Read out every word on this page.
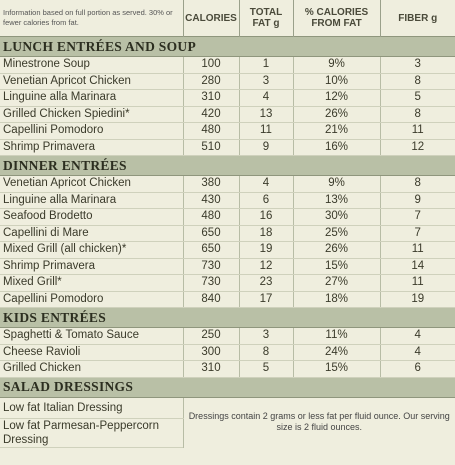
Information based on full portion as served. 30% or fewer calories from fat.	CALORIES	TOTAL FAT g	% CALORIES FROM FAT	FIBER g
LUNCH ENTRÉES AND SOUP				
Minestrone Soup	100	1	9%	3
Venetian Apricot Chicken	280	3	10%	8
Linguine alla Marinara	310	4	12%	5
Grilled Chicken Spiedini*	420	13	26%	8
Capellini Pomodoro	480	11	21%	11
Shrimp Primavera	510	9	16%	12
DINNER ENTRÉES				
Venetian Apricot Chicken	380	4	9%	8
Linguine alla Marinara	430	6	13%	9
Seafood Brodetto	480	16	30%	7
Capellini di Mare	650	18	25%	7
Mixed Grill (all chicken)*	650	19	26%	11
Shrimp Primavera	730	12	15%	14
Mixed Grill*	730	23	27%	11
Capellini Pomodoro	840	17	18%	19
KIDS ENTRÉES				
Spaghetti & Tomato Sauce	250	3	11%	4
Cheese Ravioli	300	8	24%	4
Grilled Chicken	310	5	15%	6
SALAD DRESSINGS				
Low fat Italian Dressing	Dressings contain 2 grams or less fat per fluid ounce. Our serving size is 2 fluid ounces.			
Low fat Parmesan-Peppercorn Dressing				
